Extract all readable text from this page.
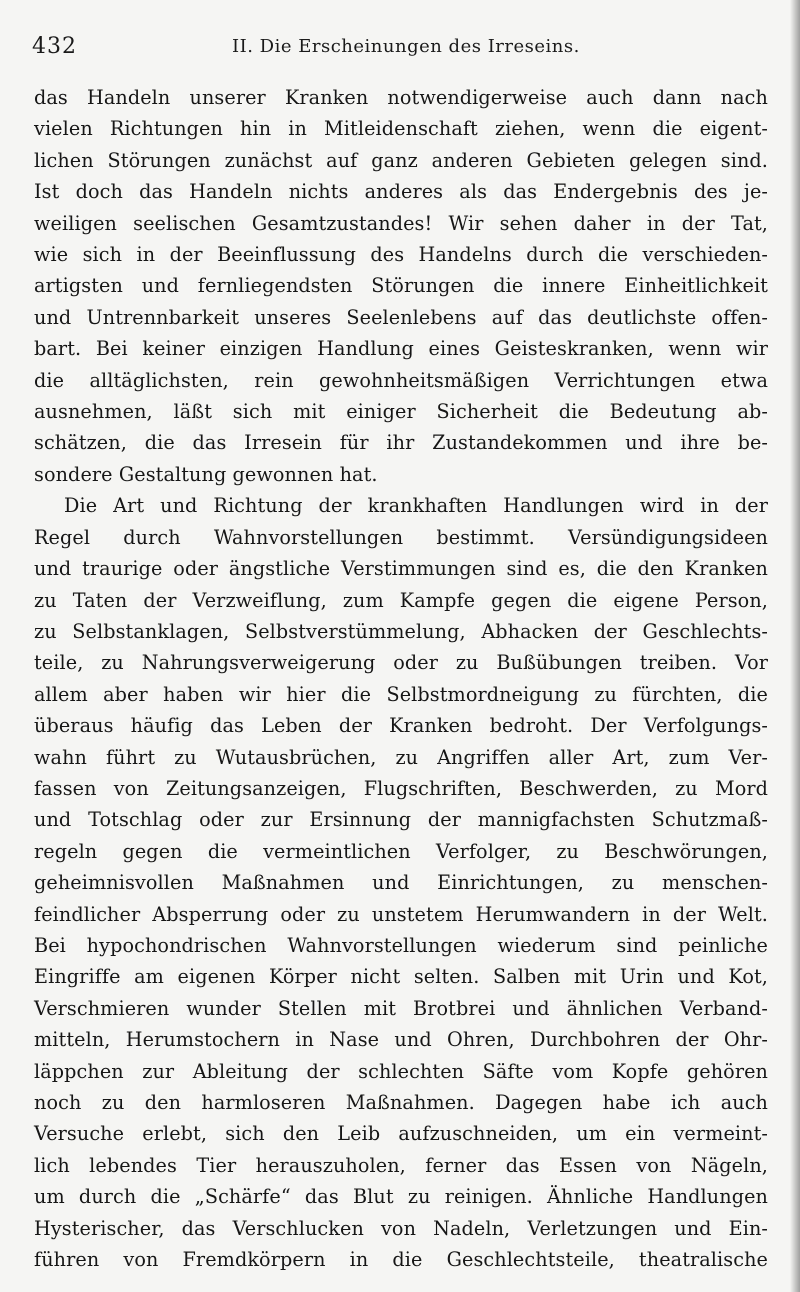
432	II. Die Erscheinungen des Irreseins.
das Handeln unserer Kranken notwendigerweise auch dann nach
vielen Richtungen hin in Mitleidenschaft ziehen, wenn die eigent-
lichen Störungen zunächst auf ganz anderen Gebieten gelegen sind.
Ist doch das Handeln nichts anderes als das Endergebnis des je-
weiligen seelischen Gesamtzustandes! Wir sehen daher in der Tat,
wie sich in der Beeinflussung des Handelns durch die verschieden-
artigsten und fernliegendsten Störungen die innere Einheitlichkeit
und Untrennbarkeit unseres Seelenlebens auf das deutlichste offen-
bart. Bei keiner einzigen Handlung eines Geisteskranken, wenn wir
die alltäglichsten, rein gewohnheitsmäßigen Verrichtungen etwa
ausnehmen, läßt sich mit einiger Sicherheit die Bedeutung ab-
schätzen, die das Irresein für ihr Zustandekommen und ihre be-
sondere Gestaltung gewonnen hat.
Die Art und Richtung der krankhaften Handlungen wird in der
Regel durch Wahnvorstellungen bestimmt. Versündigungsideen
und traurige oder ängstliche Verstimmungen sind es, die den Kranken
zu Taten der Verzweiflung, zum Kampfe gegen die eigene Person,
zu Selbstanklagen, Selbstverstümmelung, Abhacken der Geschlechts-
teile, zu Nahrungsverweigerung oder zu Bußübungen treiben. Vor
allem aber haben wir hier die Selbstmordneigung zu fürchten, die
überaus häufig das Leben der Kranken bedroht. Der Verfolgungs-
wahn führt zu Wutausbrüchen, zu Angriffen aller Art, zum Ver-
fassen von Zeitungsanzeigen, Flugschriften, Beschwerden, zu Mord
und Totschlag oder zur Ersinnung der mannigfachsten Schutzmaß-
regeln gegen die vermeintlichen Verfolger, zu Beschwörungen,
geheimnisvollen Maßnahmen und Einrichtungen, zu menschen-
feindlicher Absperrung oder zu unstetem Herumwandern in der Welt.
Bei hypochondrischen Wahnvorstellungen wiederum sind peinliche
Eingriffe am eigenen Körper nicht selten. Salben mit Urin und Kot,
Verschmieren wunder Stellen mit Brotbrei und ähnlichen Verband-
mitteln, Herumstochern in Nase und Ohren, Durchbohren der Ohr-
läppchen zur Ableitung der schlechten Säfte vom Kopfe gehören
noch zu den harmloseren Maßnahmen. Dagegen habe ich auch
Versuche erlebt, sich den Leib aufzuschneiden, um ein vermeint-
lich lebendes Tier herauszuholen, ferner das Essen von Nägeln,
um durch die „Schärfe“ das Blut zu reinigen. Ähnliche Handlungen
Hysterischer, das Verschlucken von Nadeln, Verletzungen und Ein-
führen von Fremdkörpern in die Geschlechtsteile, theatralische
